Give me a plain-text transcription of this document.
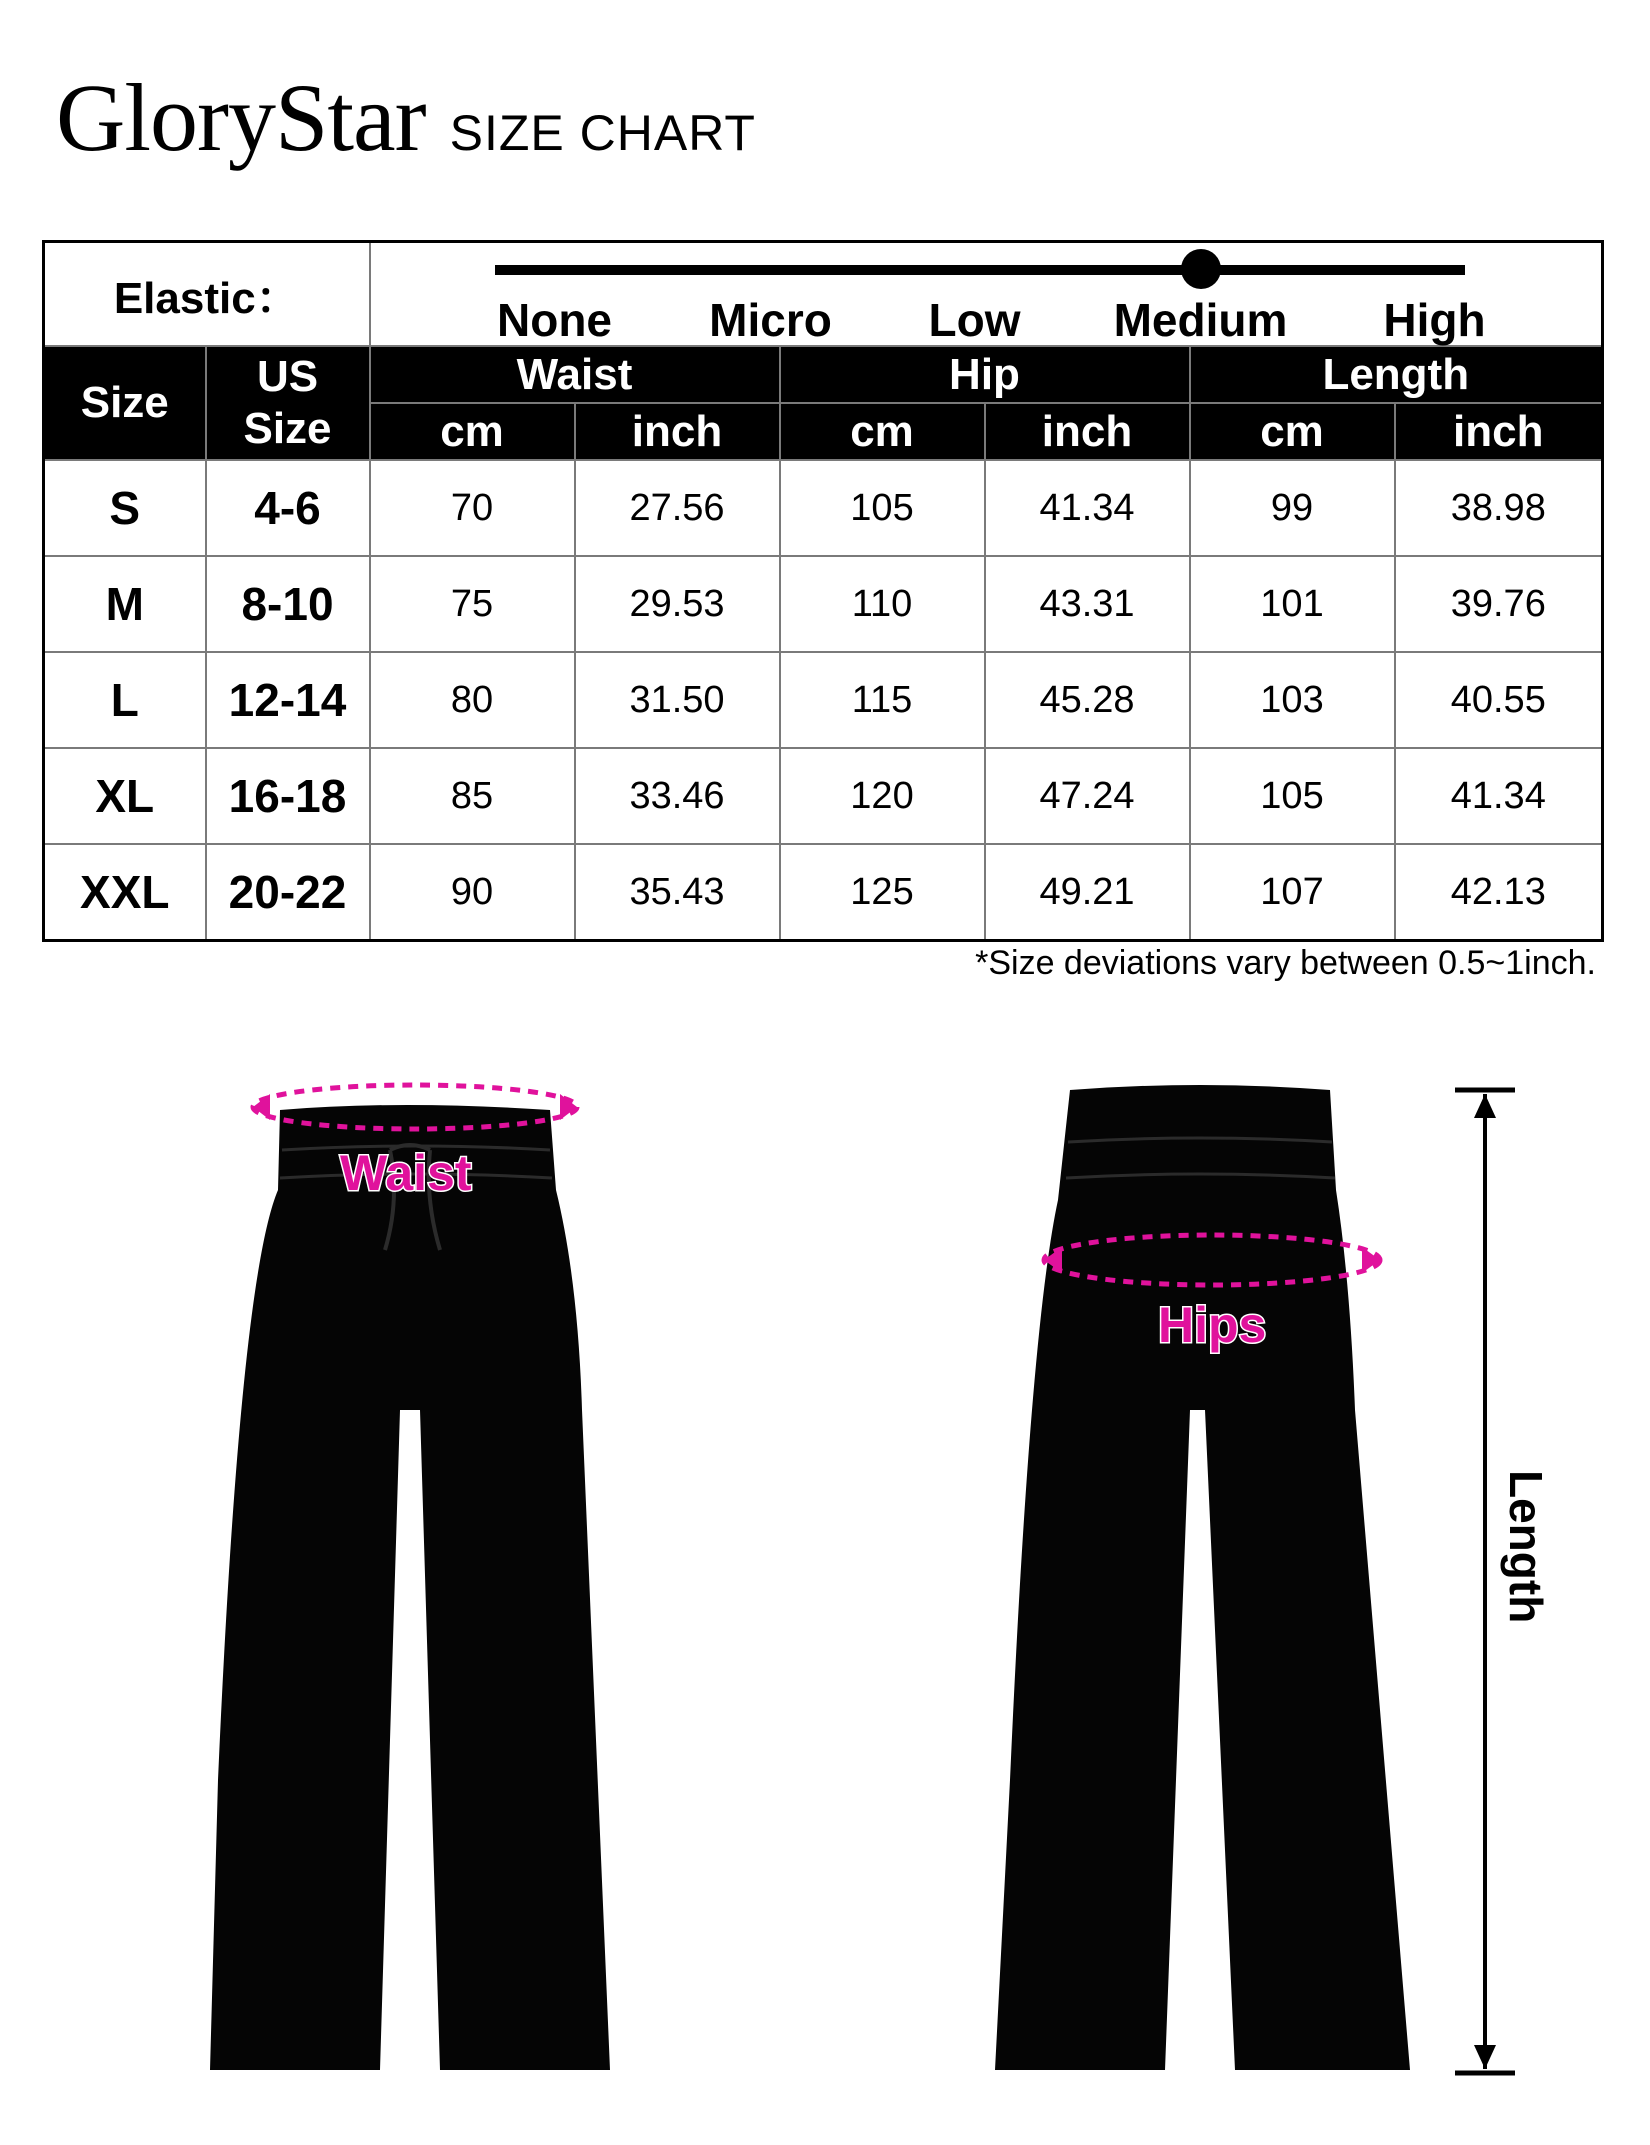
GloryStar SIZE CHART
Elastic：		None Micro Low Medium High					

Size	US Size	Waist		Hip		Length	
		cm	inch	cm	inch	cm	inch
S	4-6	70	27.56	105	41.34	99	38.98
M	8-10	75	29.53	110	43.31	101	39.76
L	12-14	80	31.50	115	45.28	103	40.55
XL	16-18	85	33.46	120	47.24	105	41.34
XXL	20-22	90	35.43	125	49.21	107	42.13
*Size deviations vary between 0.5~1inch.
Waist
Hips
Length
